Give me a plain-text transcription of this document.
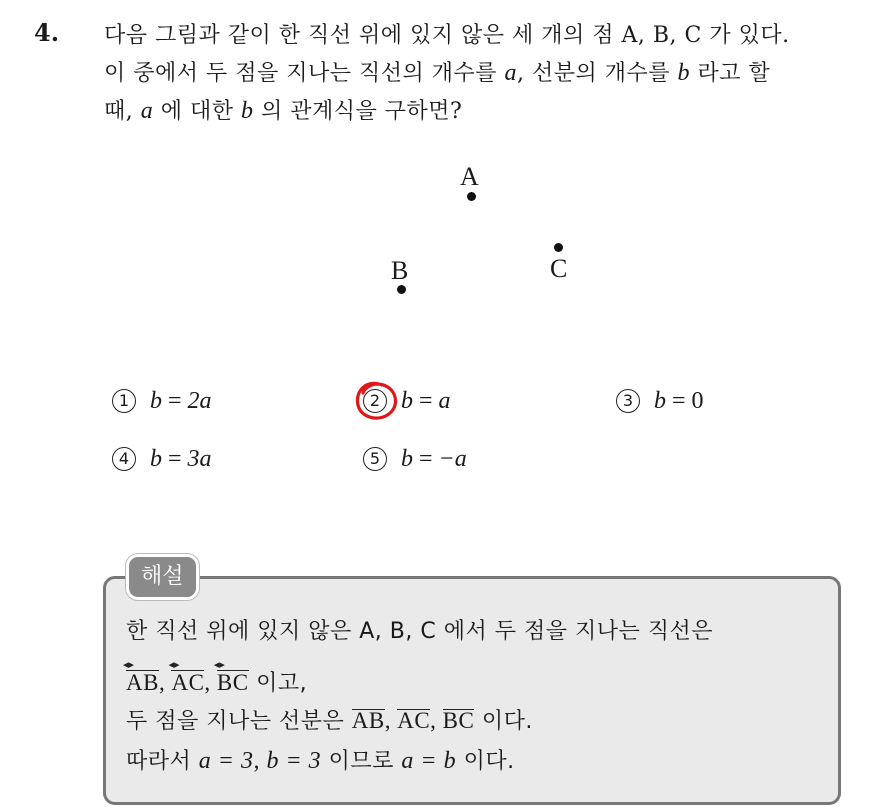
4. 다음 그림과 같이 한 직선 위에 있지 않은 세 개의 점 A, B, C 가 있다.
이 중에서 두 점을 지나는 직선의 개수를 a, 선분의 개수를 b 라고 할
때, a 에 대한 b 의 관계식을 구하면?
A
B	C
1 b = 2a	2 b = a	3 b = 0
4 b = 3a	5 b = −a
해설
한 직선 위에 있지 않은 A, B, C 에서 두 점을 지나는 직선은
AB ◂▸, AC ◂▸, BC ◂▸ 이고,
두 점을 지나는 선분은 AB, AC, BC 이다.
따라서 a = 3, b = 3 이므로 a = b 이다.
